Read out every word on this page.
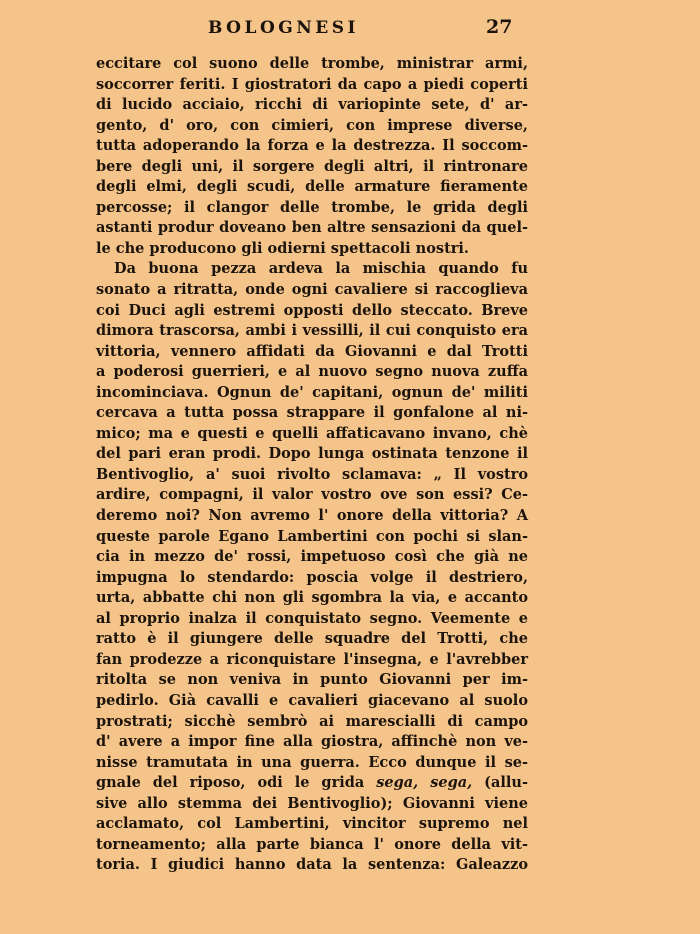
BOLOGNESI	27
eccitare col suono delle trombe, ministrar armi,
soccorrer feriti. I giostratori da capo a piedi coperti
di lucido acciaio, ricchi di variopinte sete, d' ar-
gento, d' oro, con cimieri, con imprese diverse,
tutta adoperando la forza e la destrezza. Il soccom-
bere degli uni, il sorgere degli altri, il rintronare
degli elmi, degli scudi, delle armature fieramente
percosse; il clangor delle trombe, le grida degli
astanti produr doveano ben altre sensazioni da quel-
le che producono gli odierni spettacoli nostri.
Da buona pezza ardeva la mischia quando fu
sonato a ritratta, onde ogni cavaliere si raccoglieva
coi Duci agli estremi opposti dello steccato. Breve
dimora trascorsa, ambi i vessilli, il cui conquisto era
vittoria, vennero affidati da Giovanni e dal Trotti
a poderosi guerrieri, e al nuovo segno nuova zuffa
incominciava. Ognun de' capitani, ognun de' militi
cercava a tutta possa strappare il gonfalone al ni-
mico; ma e questi e quelli affaticavano invano, chè
del pari eran prodi. Dopo lunga ostinata tenzone il
Bentivoglio, a' suoi rivolto sclamava: „ Il vostro
ardire, compagni, il valor vostro ove son essi? Ce-
deremo noi? Non avremo l' onore della vittoria? A
queste parole Egano Lambertini con pochi si slan-
cia in mezzo de' rossi, impetuoso così che già ne
impugna lo stendardo: poscia volge il destriero,
urta, abbatte chi non gli sgombra la via, e accanto
al proprio inalza il conquistato segno. Veemente e
ratto è il giungere delle squadre del Trotti, che
fan prodezze a riconquistare l'insegna, e l'avrebber
ritolta se non veniva in punto Giovanni per im-
pedirlo. Già cavalli e cavalieri giacevano al suolo
prostrati; sicchè sembrò ai marescialli di campo
d' avere a impor fine alla giostra, affinchè non ve-
nisse tramutata in una guerra. Ecco dunque il se-
gnale del riposo, odi le grida sega, sega, (allu-
sive allo stemma dei Bentivoglio); Giovanni viene
acclamato, col Lambertini, vincitor supremo nel
torneamento; alla parte bianca l' onore della vit-
toria. I giudici hanno data la sentenza: Galeazzo
